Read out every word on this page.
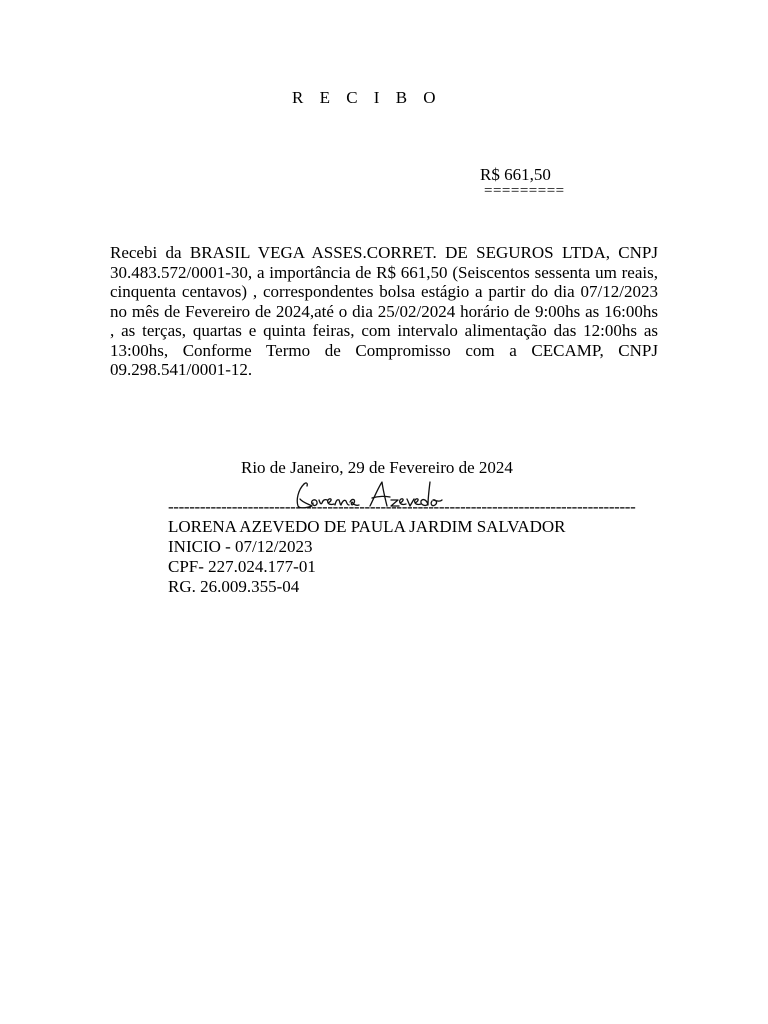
R E C I B O
R$ 661,50
=========
Recebi da BRASIL VEGA ASSES.CORRET. DE SEGUROS LTDA, CNPJ 30.483.572/0001-30, a importância de R$ 661,50 (Seiscentos sessenta um reais, cinquenta centavos) , correspondentes bolsa estágio a partir do dia 07/12/2023 no mês de Fevereiro de 2024,até o dia 25/02/2024 horário de 9:00hs as 16:00hs , as terças, quartas e quinta feiras, com intervalo alimentação das 12:00hs as 13:00hs, Conforme Termo de Compromisso com a CECAMP, CNPJ 09.298.541/0001-12.
Rio de Janeiro, 29 de Fevereiro de 2024
----------------------------------------------------------------------------------------
LORENA AZEVEDO DE PAULA JARDIM SALVADOR
INICIO - 07/12/2023
CPF- 227.024.177-01
RG. 26.009.355-04
